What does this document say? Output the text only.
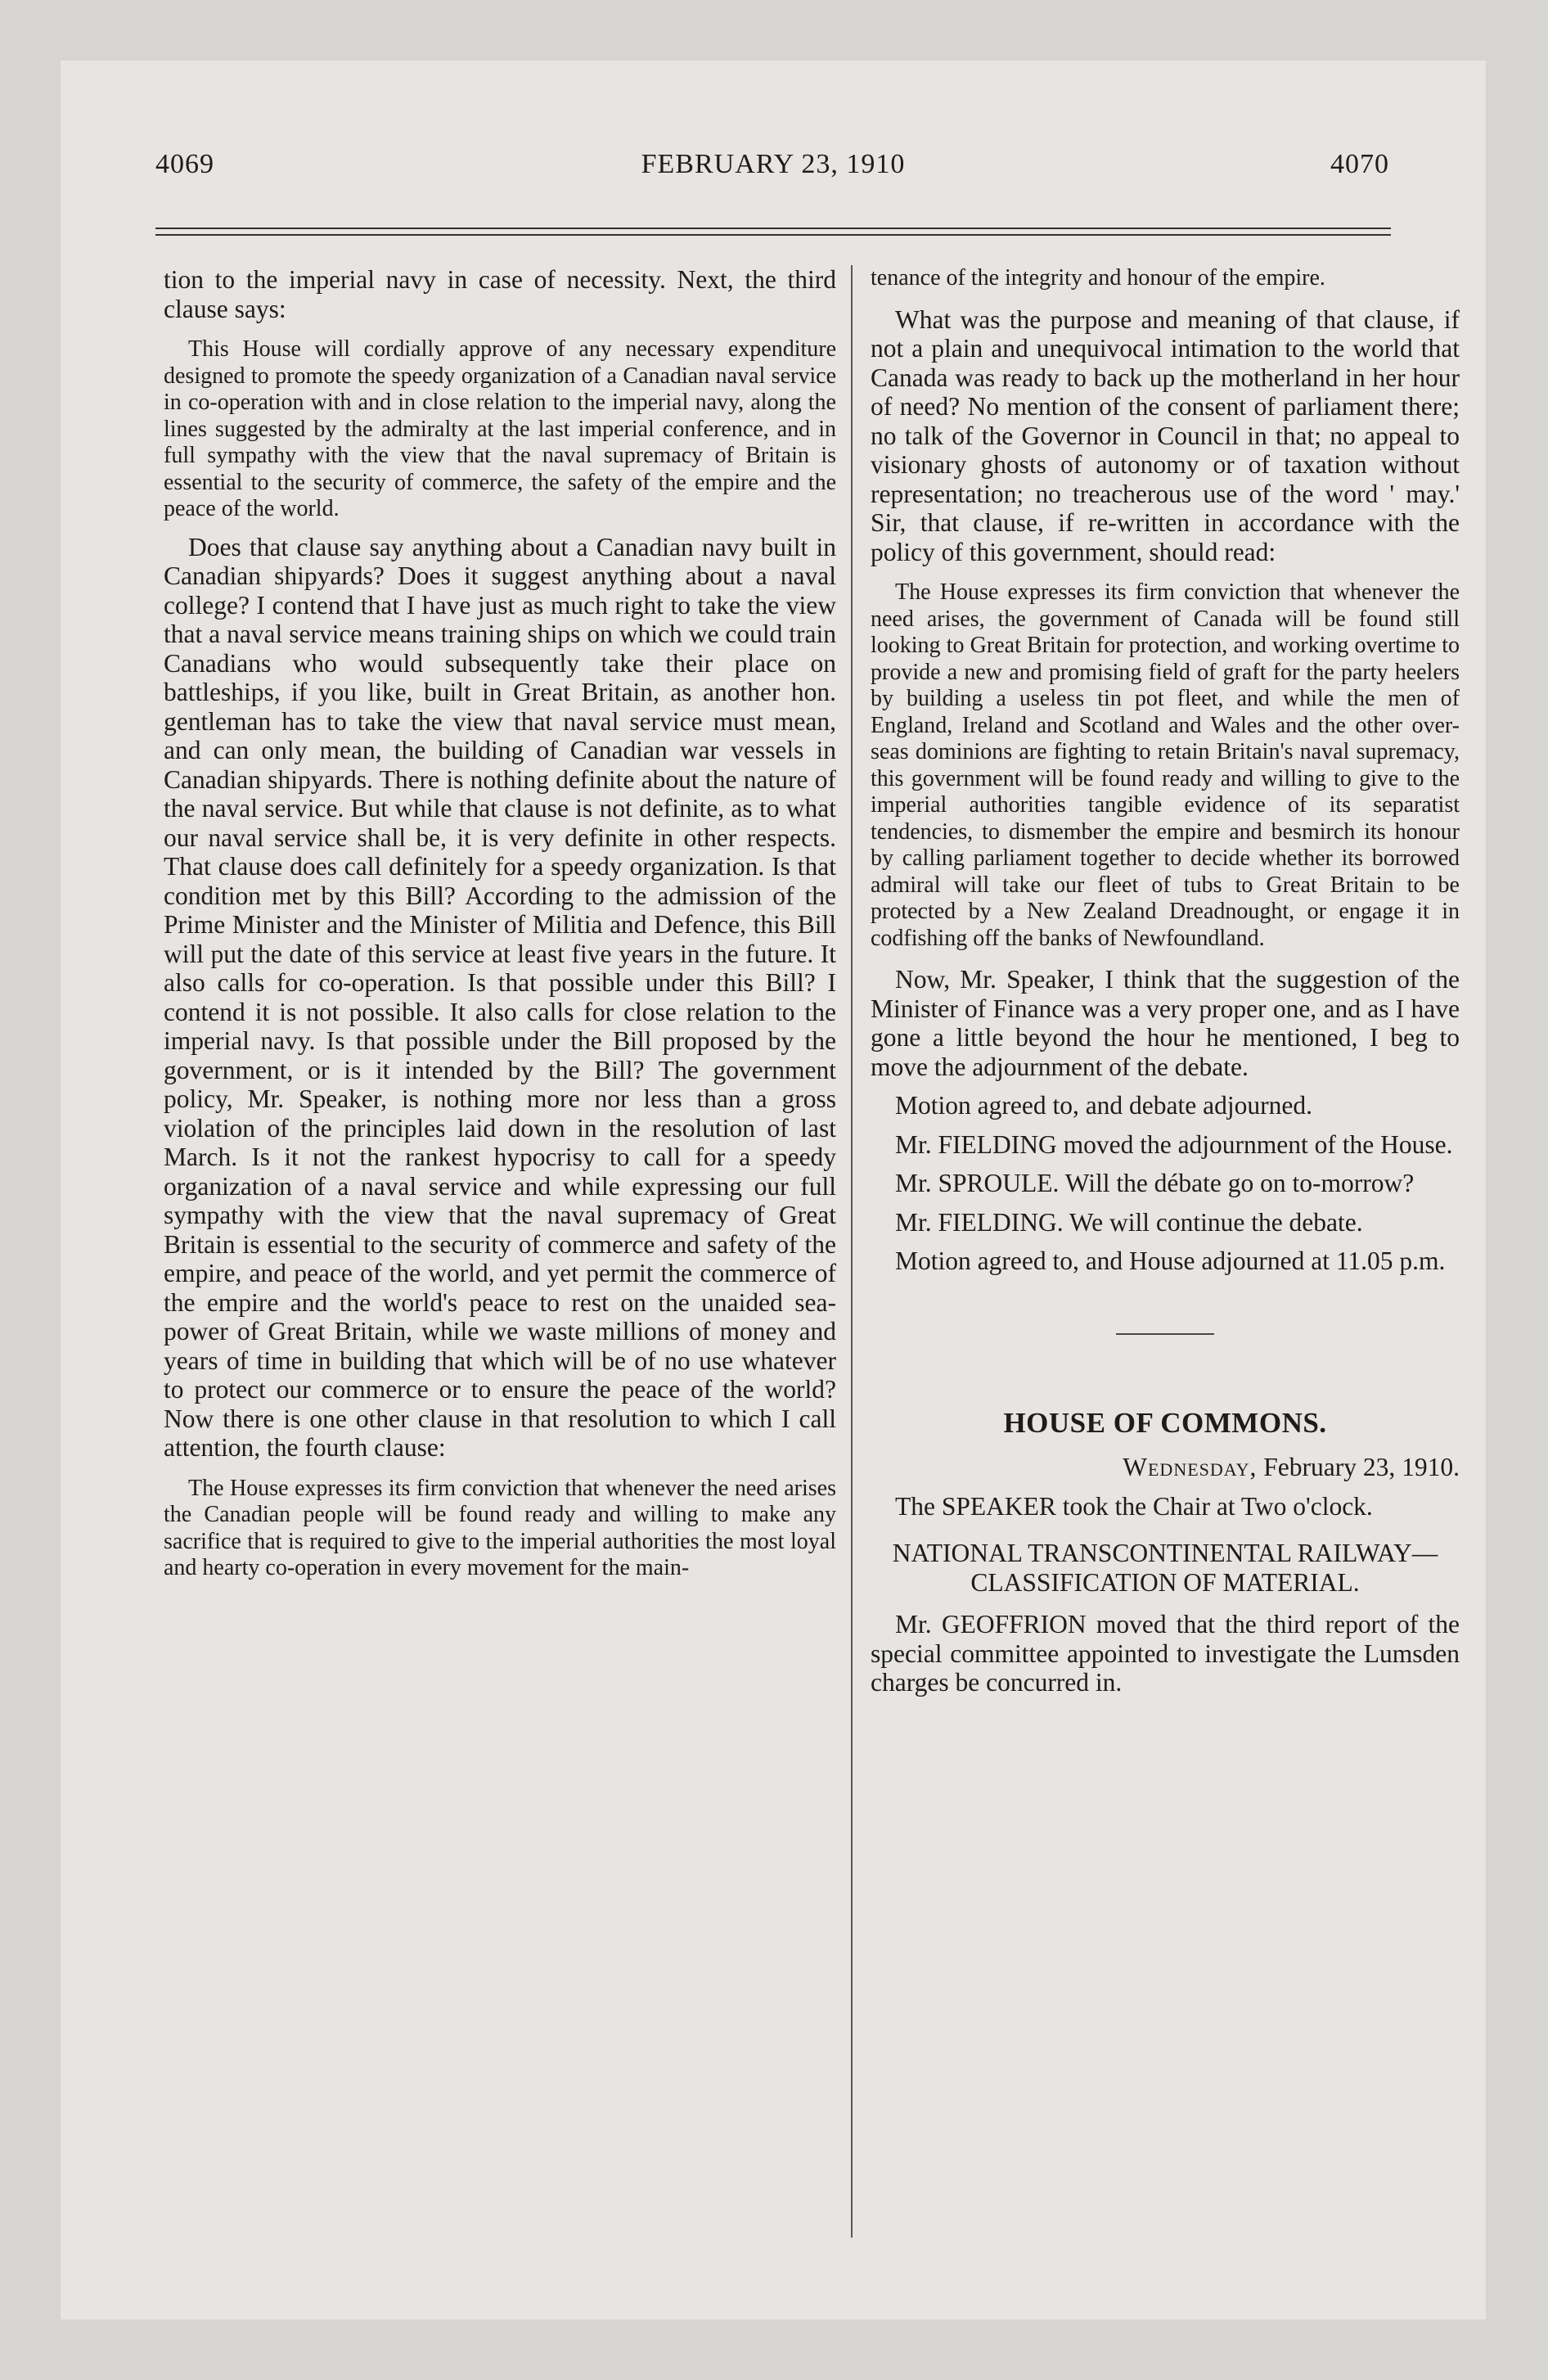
4069	FEBRUARY 23, 1910	4070

tion to the imperial navy in case of necessity. Next, the third clause says:

This House will cordially approve of any necessary expenditure designed to promote the speedy organization of a Canadian naval service in co-operation with and in close relation to the imperial navy, along the lines suggested by the admiralty at the last imperial conference, and in full sympathy with the view that the naval supremacy of Britain is essential to the security of commerce, the safety of the empire and the peace of the world.

Does that clause say anything about a Canadian navy built in Canadian shipyards? Does it suggest anything about a naval college? I contend that I have just as much right to take the view that a naval service means training ships on which we could train Canadians who would subsequently take their place on battleships, if you like, built in Great Britain, as another hon. gentleman has to take the view that naval service must mean, and can only mean, the building of Canadian war vessels in Canadian shipyards. There is nothing definite about the nature of the naval service. But while that clause is not definite, as to what our naval service shall be, it is very definite in other respects. That clause does call definitely for a speedy organization. Is that condition met by this Bill? According to the admission of the Prime Minister and the Minister of Militia and Defence, this Bill will put the date of this service at least five years in the future. It also calls for co-operation. Is that possible under this Bill? I contend it is not possible. It also calls for close relation to the imperial navy. Is that possible under the Bill proposed by the government, or is it intended by the Bill? The government policy, Mr. Speaker, is nothing more nor less than a gross violation of the principles laid down in the resolution of last March. Is it not the rankest hypocrisy to call for a speedy organization of a naval service and while expressing our full sympathy with the view that the naval supremacy of Great Britain is essential to the security of commerce and safety of the empire, and peace of the world, and yet permit the commerce of the empire and the world's peace to rest on the unaided sea-power of Great Britain, while we waste millions of money and years of time in building that which will be of no use whatever to protect our commerce or to ensure the peace of the world? Now there is one other clause in that resolution to which I call attention, the fourth clause:

The House expresses its firm conviction that whenever the need arises the Canadian people will be found ready and willing to make any sacrifice that is required to give to the imperial authorities the most loyal and hearty co-operation in every movement for the main-

tenance of the integrity and honour of the empire.

What was the purpose and meaning of that clause, if not a plain and unequivocal intimation to the world that Canada was ready to back up the motherland in her hour of need? No mention of the consent of parliament there; no talk of the Governor in Council in that; no appeal to visionary ghosts of autonomy or of taxation without representation; no treacherous use of the word ' may.' Sir, that clause, if re-written in accordance with the policy of this government, should read:

The House expresses its firm conviction that whenever the need arises, the government of Canada will be found still looking to Great Britain for protection, and working overtime to provide a new and promising field of graft for the party heelers by building a useless tin pot fleet, and while the men of England, Ireland and Scotland and Wales and the other over-seas dominions are fighting to retain Britain's naval supremacy, this government will be found ready and willing to give to the imperial authorities tangible evidence of its separatist tendencies, to dismember the empire and besmirch its honour by calling parliament together to decide whether its borrowed admiral will take our fleet of tubs to Great Britain to be protected by a New Zealand Dreadnought, or engage it in codfishing off the banks of Newfoundland.

Now, Mr. Speaker, I think that the suggestion of the Minister of Finance was a very proper one, and as I have gone a little beyond the hour he mentioned, I beg to move the adjournment of the debate.

Motion agreed to, and debate adjourned.

Mr. FIELDING moved the adjournment of the House.

Mr. SPROULE. Will the débate go on to-morrow?

Mr. FIELDING. We will continue the debate.

Motion agreed to, and House adjourned at 11.05 p.m.

HOUSE OF COMMONS.
Wednesday, February 23, 1910.

The SPEAKER took the Chair at Two o'clock.

NATIONAL TRANSCONTINENTAL RAILWAY—CLASSIFICATION OF MATERIAL.

Mr. GEOFFRION moved that the third report of the special committee appointed to investigate the Lumsden charges be concurred in.
